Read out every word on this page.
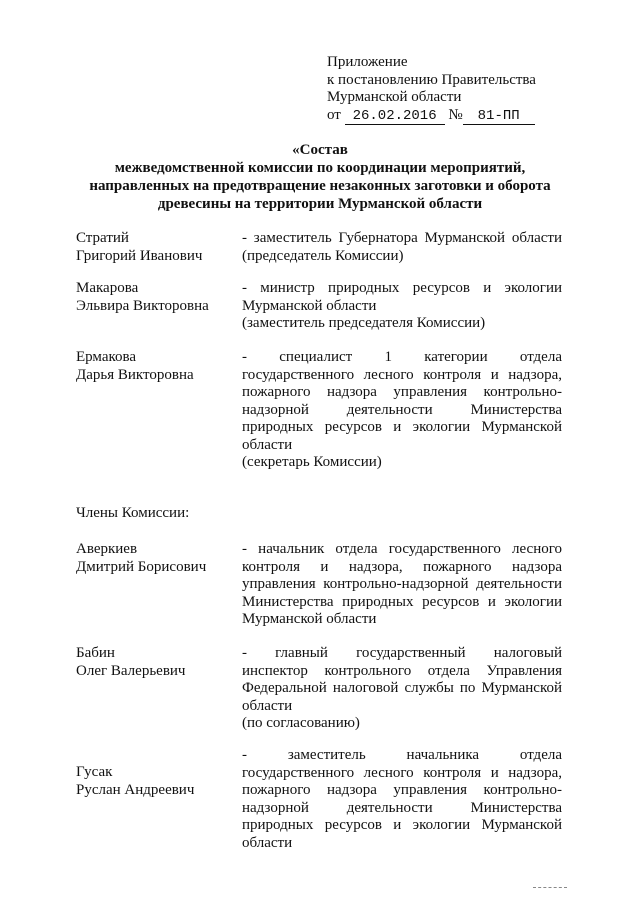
Приложение
к постановлению Правительства
Мурманской области
от 26.02.2016 № 81-ПП
«Состав
межведомственной комиссии по координации мероприятий,
направленных на предотвращение незаконных заготовки и оборота
древесины на территории Мурманской области
Стратий
Григорий Иванович
- заместитель Губернатора Мурманской области
(председатель Комиссии)
Макарова
Эльвира Викторовна
- министр природных ресурсов и экологии
Мурманской области
(заместитель председателя Комиссии)
Ермакова
Дарья Викторовна
- специалист 1 категории отдела
государственного лесного контроля и надзора,
пожарного надзора управления контрольно-
надзорной деятельности Министерства
природных ресурсов и экологии Мурманской
области
(секретарь Комиссии)
Члены Комиссии:
Аверкиев
Дмитрий Борисович
- начальник отдела государственного лесного
контроля и надзора, пожарного надзора
управления контрольно-надзорной деятельности
Министерства природных ресурсов и экологии
Мурманской области
Бабин
Олег Валерьевич
- главный государственный налоговый
инспектор контрольного отдела Управления
Федеральной налоговой службы по Мурманской
области
(по согласованию)
Гусак
Руслан Андреевич
- заместитель начальника отдела
государственного лесного контроля и надзора,
пожарного надзора управления контрольно-
надзорной деятельности Министерства
природных ресурсов и экологии Мурманской
области
